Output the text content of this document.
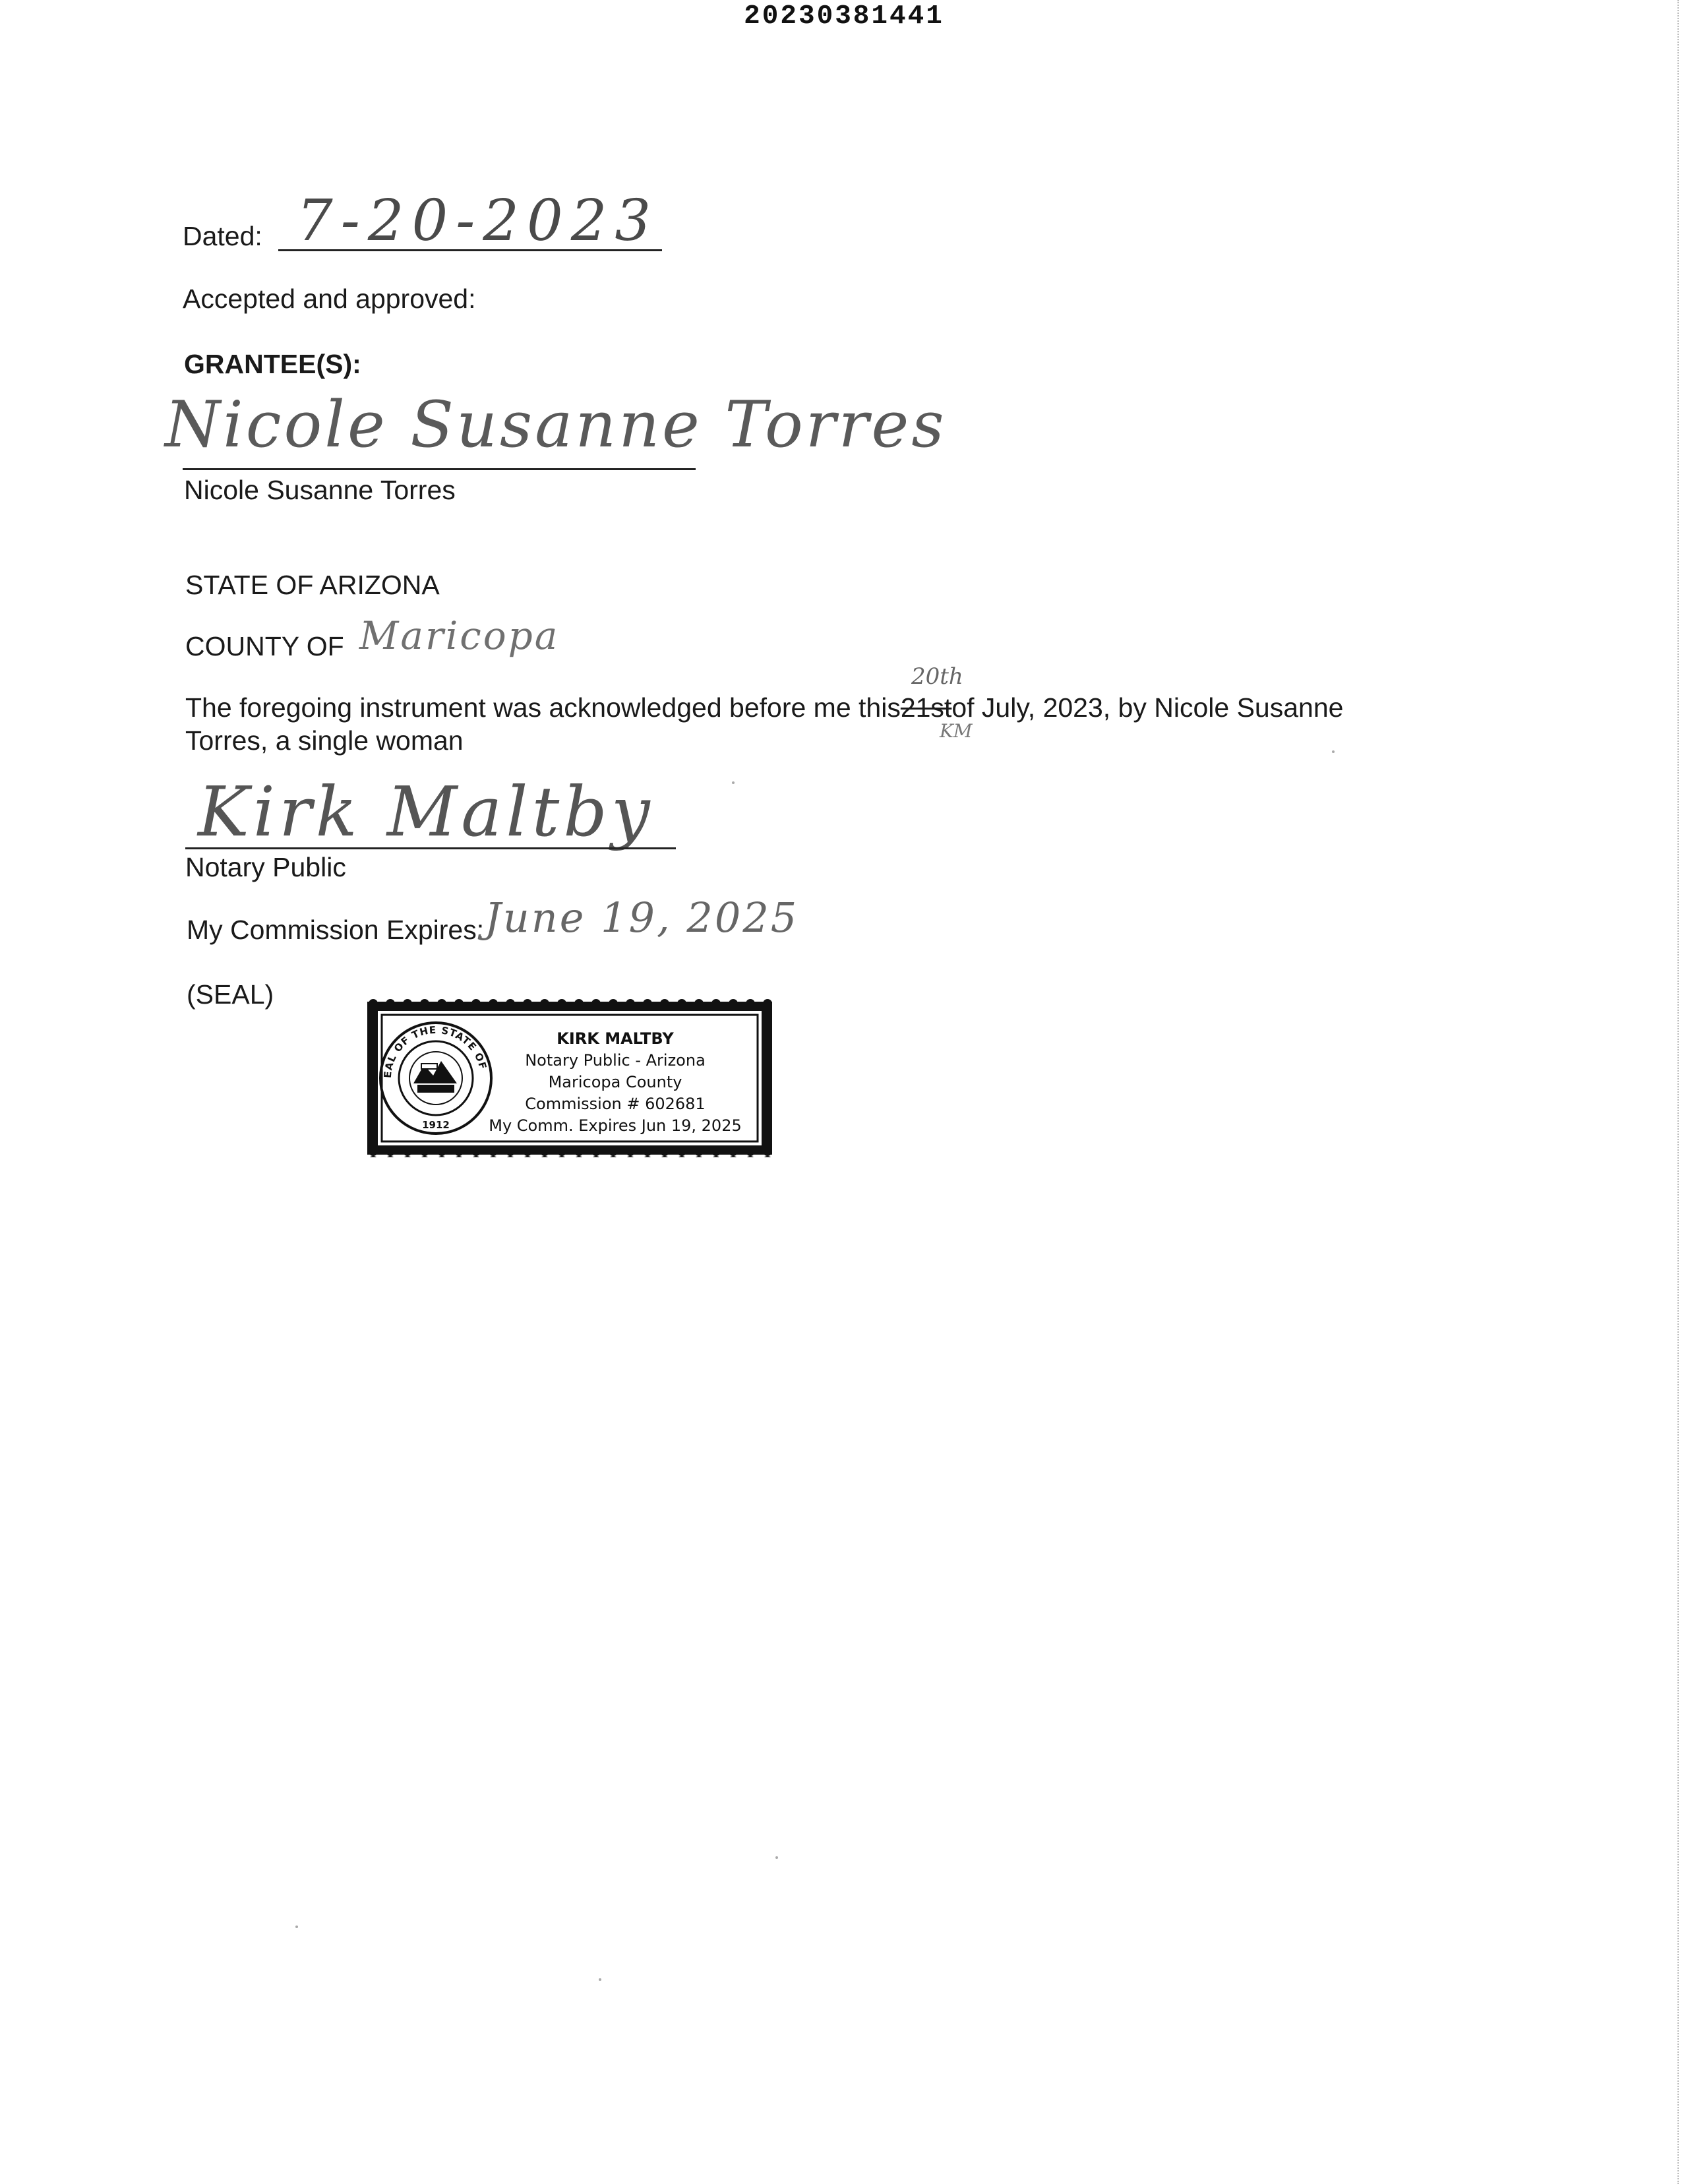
20230381441
Dated: 7-20-2023
Accepted and approved:
GRANTEE(S):
Nicole Susanne Torres
Nicole Susanne Torres
STATE OF ARIZONA
COUNTY OF Maricopa
The foregoing instrument was acknowledged before me this21stof July, 2023, by Nicole Susanne
20th
KM
Torres, a single woman
Kirk Maltby
Notary Public
My Commission Expires: June 19, 2025
(SEAL)
EAL OF THE STATE OF
1912
KIRK MALTBY
Notary Public - Arizona
Maricopa County
Commission # 602681
My Comm. Expires Jun 19, 2025
